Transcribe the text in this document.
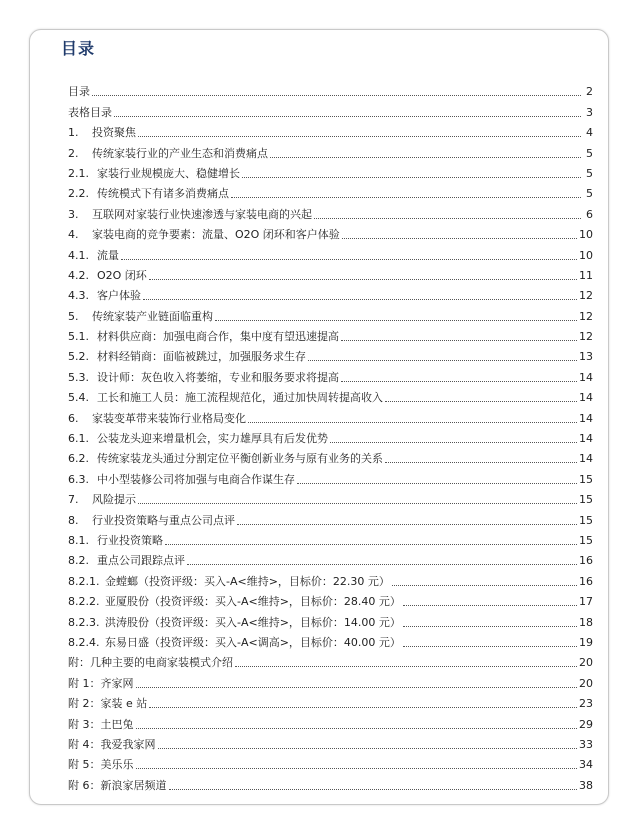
目录
目录	2
表格目录	3
1.	投资聚焦	4
2.	传统家装行业的产业生态和消费痛点	5
2.1. 家装行业规模庞大、稳健增长	5
2.2. 传统模式下有诸多消费痛点	5
3.	互联网对家装行业快速渗透与家装电商的兴起	6
4.	家装电商的竞争要素：流量、O2O 闭环和客户体验	10
4.1. 流量	10
4.2. O2O 闭环	11
4.3. 客户体验	12
5.	传统家装产业链面临重构	12
5.1. 材料供应商：加强电商合作，集中度有望迅速提高	12
5.2. 材料经销商：面临被跳过，加强服务求生存	13
5.3. 设计师：灰色收入将萎缩，专业和服务要求将提高	14
5.4. 工长和施工人员：施工流程规范化，通过加快周转提高收入	14
6.	家装变革带来装饰行业格局变化	14
6.1. 公装龙头迎来增量机会，实力雄厚具有后发优势	14
6.2. 传统家装龙头通过分割定位平衡创新业务与原有业务的关系	14
6.3. 中小型装修公司将加强与电商合作谋生存	15
7.	风险提示	15
8.	行业投资策略与重点公司点评	15
8.1. 行业投资策略	15
8.2. 重点公司跟踪点评	16
8.2.1. 金螳螂（投资评级：买入-A<维持>，目标价：22.30 元）	16
8.2.2. 亚厦股份（投资评级：买入-A<维持>，目标价：28.40 元）	17
8.2.3. 洪涛股份（投资评级：买入-A<维持>，目标价：14.00 元）	18
8.2.4. 东易日盛（投资评级：买入-A<调高>，目标价：40.00 元）	19
附：几种主要的电商家装模式介绍	20
附 1：齐家网	20
附 2：家装 e 站	23
附 3：土巴兔	29
附 4：我爱我家网	33
附 5：美乐乐	34
附 6：新浪家居频道	38
